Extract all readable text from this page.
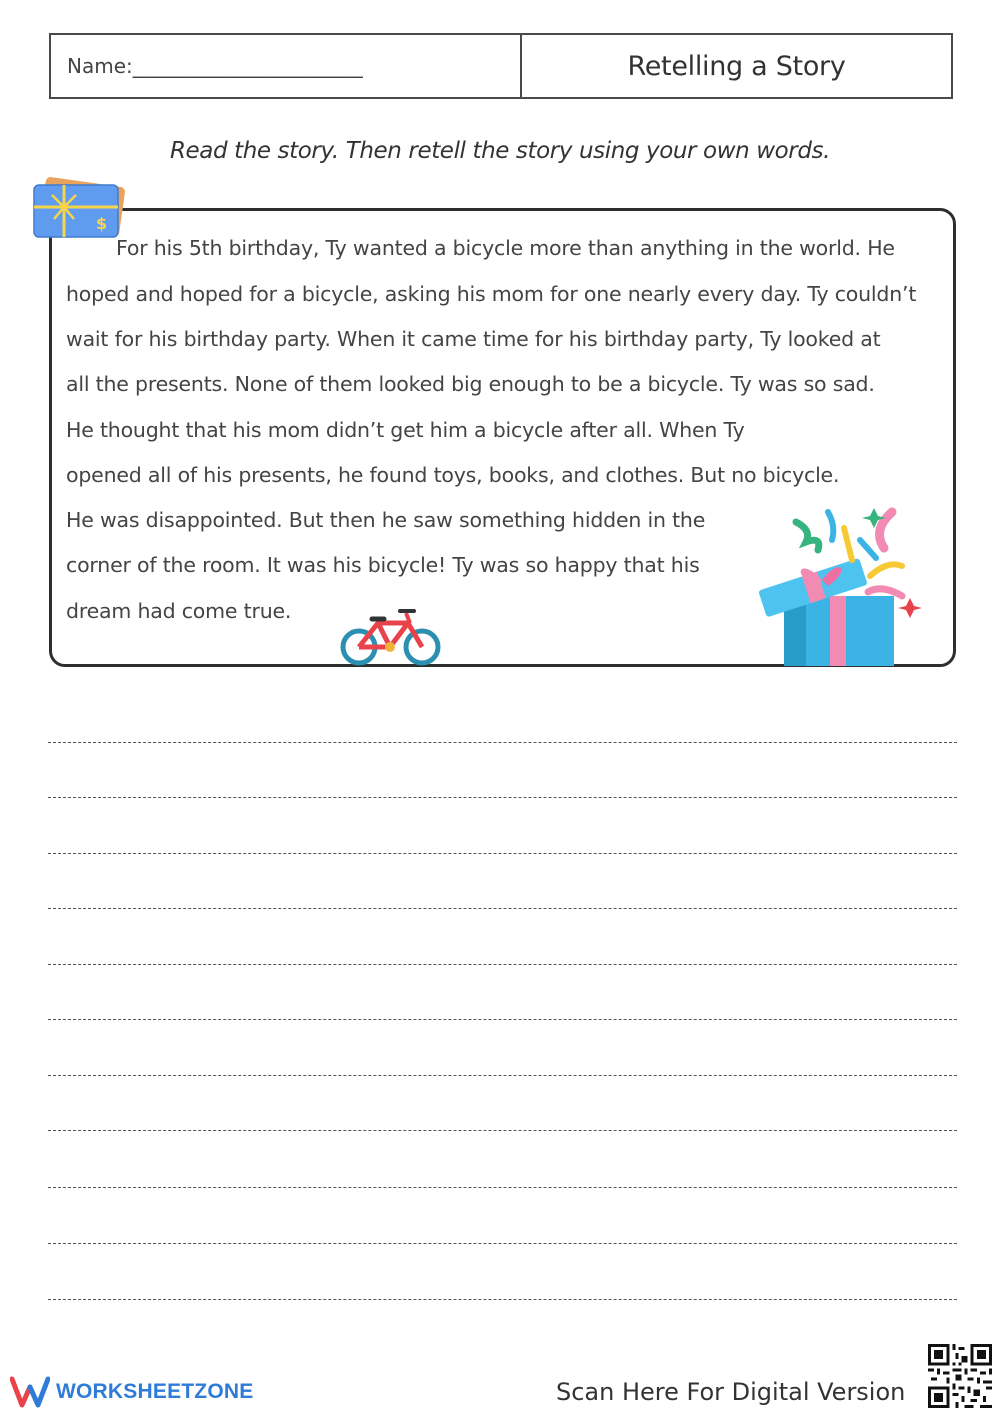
Name:_______________________	Retelling a Story
Read the story. Then retell the story using your own words.
For his 5th birthday, Ty wanted a bicycle more than anything in the world. He
hoped and hoped for a bicycle, asking his mom for one nearly every day. Ty couldn’t
wait for his birthday party. When it came time for his birthday party, Ty looked at
all the presents. None of them looked big enough to be a bicycle. Ty was so sad.
He thought that his mom didn’t get him a bicycle after all. When Ty
opened all of his presents, he found toys, books, and clothes. But no bicycle.
He was disappointed. But then he saw something hidden in the
corner of the room. It was his bicycle! Ty was so happy that his
dream had come true.
$
WORKSHEETZONE	Scan Here For Digital Version
